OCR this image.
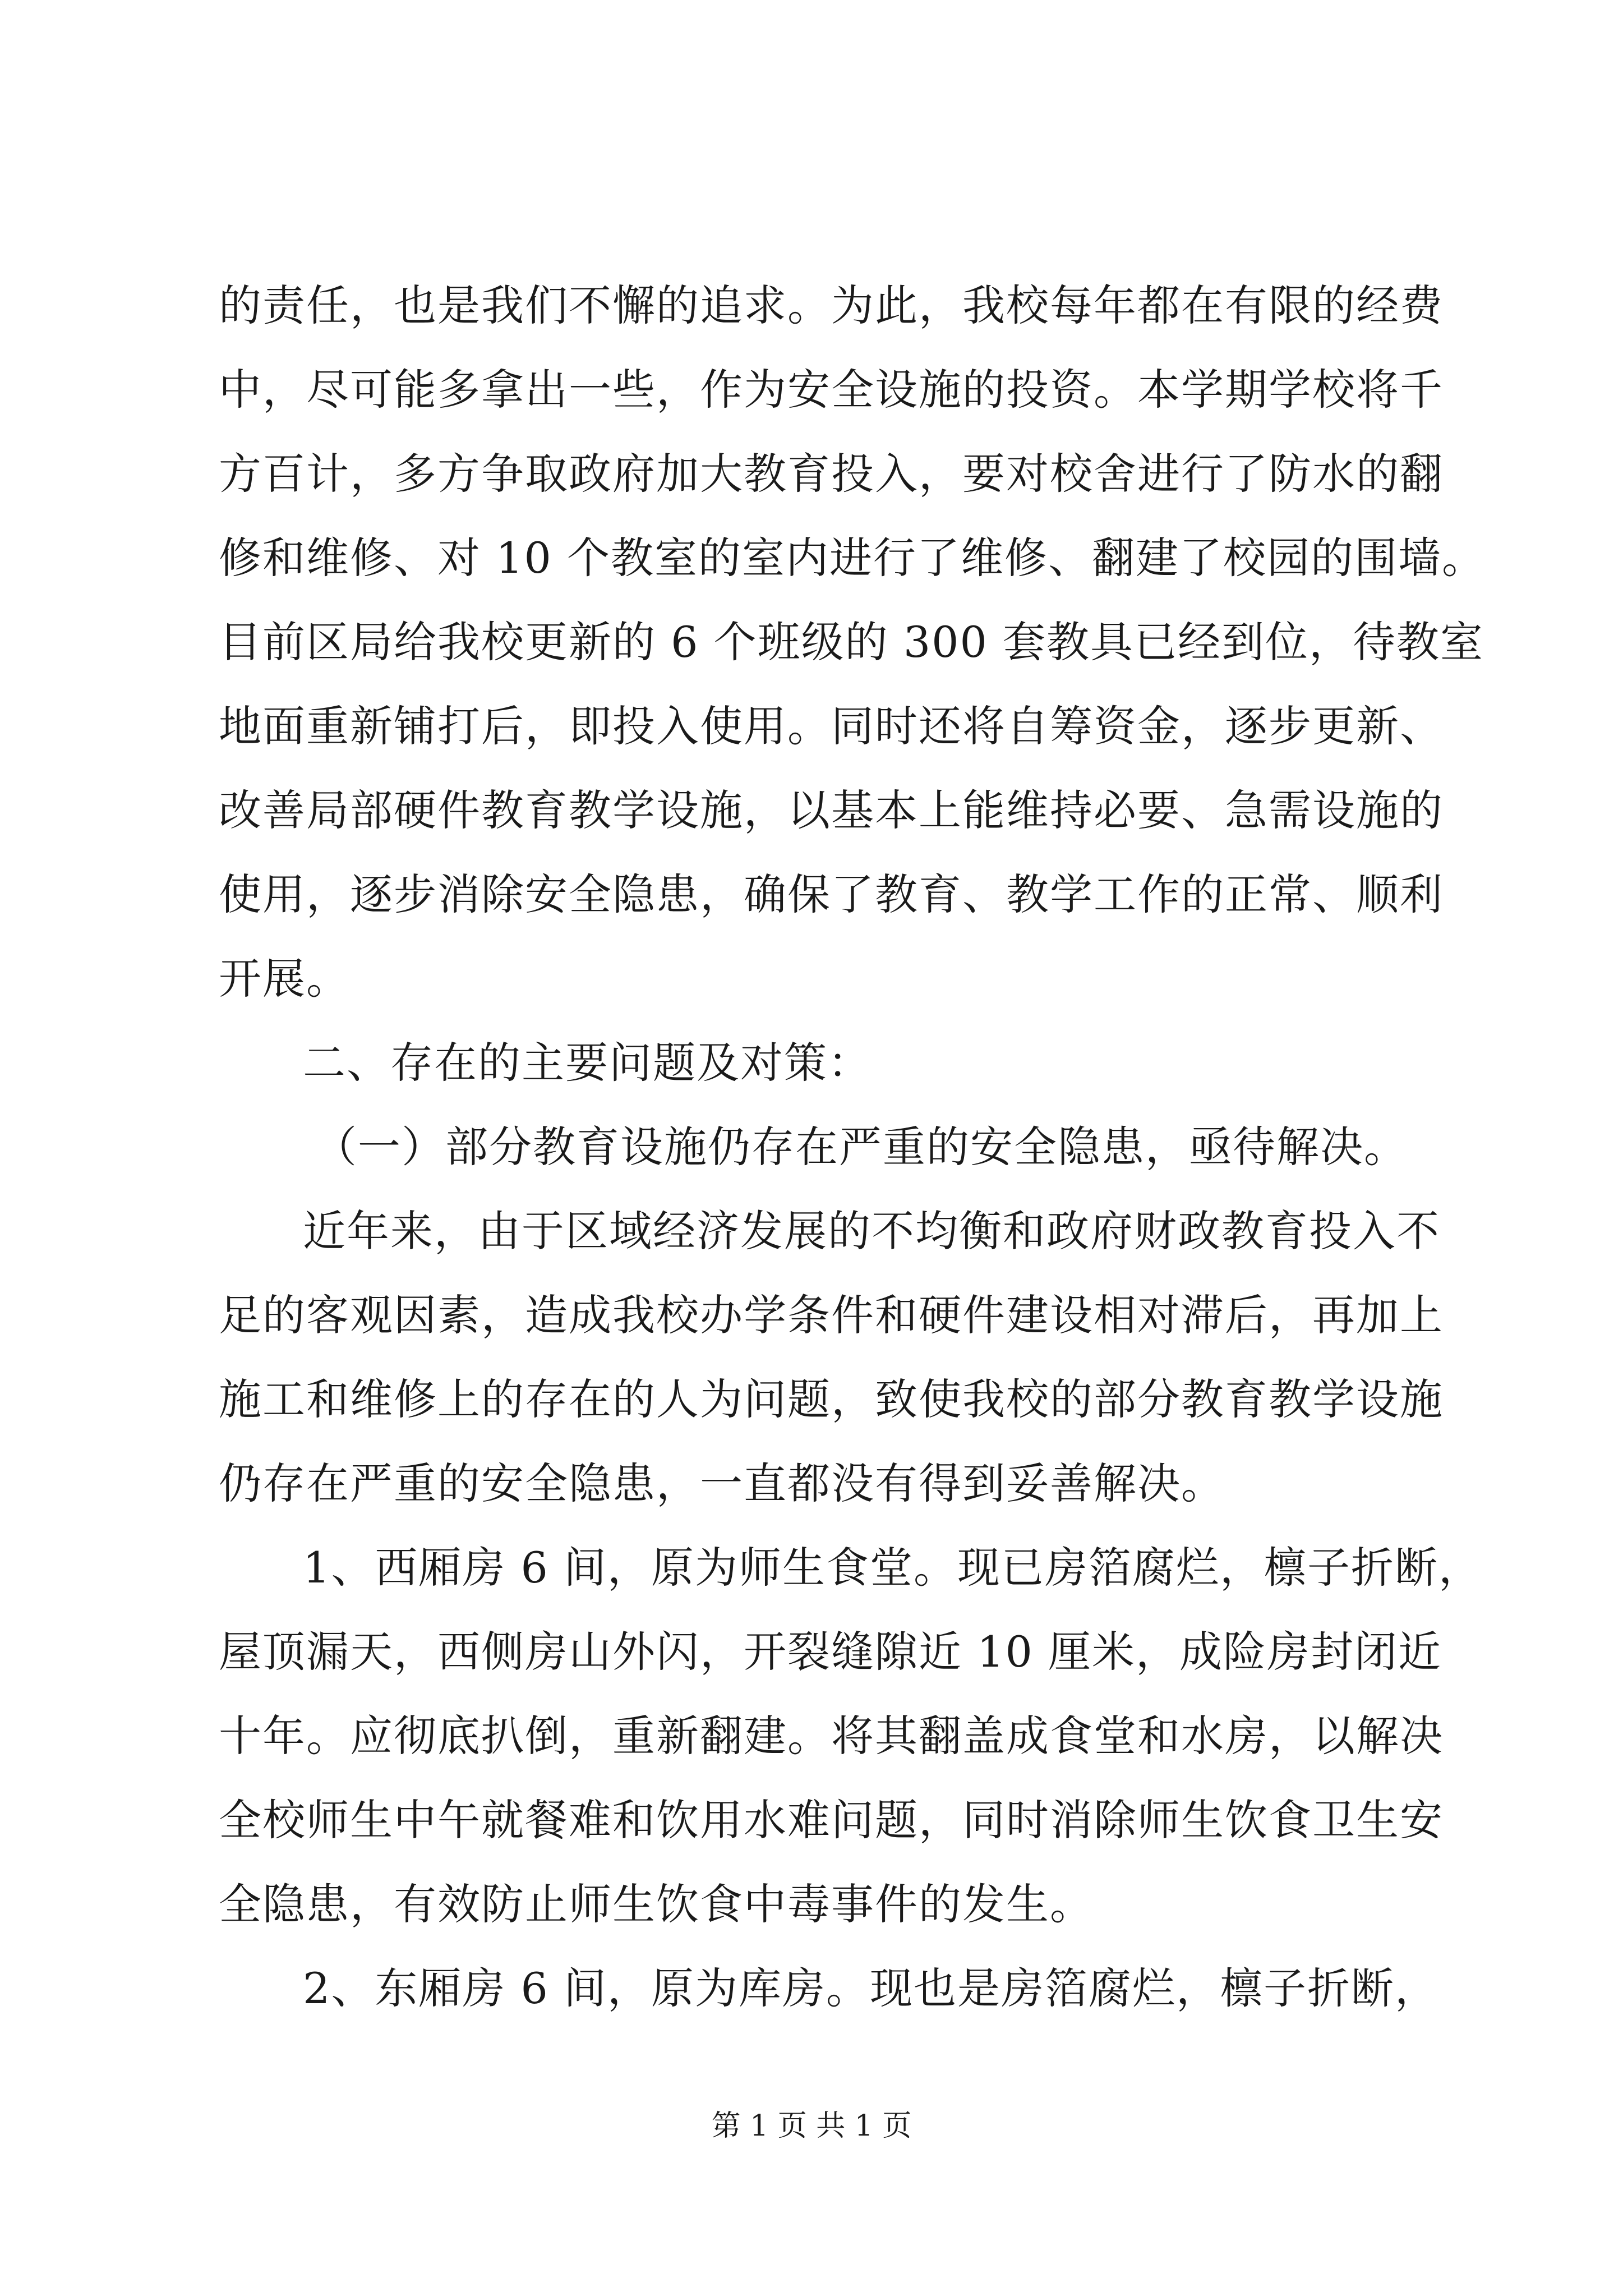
的责任，也是我们不懈的追求。为此，我校每年都在有限的经费
中，尽可能多拿出一些，作为安全设施的投资。本学期学校将千
方百计，多方争取政府加大教育投入，要对校舍进行了防水的翻
修和维修、对 10 个教室的室内进行了维修、翻建了校园的围墙。
目前区局给我校更新的 6 个班级的 300 套教具已经到位，待教室
地面重新铺打后，即投入使用。同时还将自筹资金，逐步更新、
改善局部硬件教育教学设施，以基本上能维持必要、急需设施的
使用，逐步消除安全隐患，确保了教育、教学工作的正常、顺利
开展。
二、存在的主要问题及对策：
（一）部分教育设施仍存在严重的安全隐患，亟待解决。
近年来，由于区域经济发展的不均衡和政府财政教育投入不
足的客观因素，造成我校办学条件和硬件建设相对滞后，再加上
施工和维修上的存在的人为问题，致使我校的部分教育教学设施
仍存在严重的安全隐患，一直都没有得到妥善解决。
1、西厢房 6 间，原为师生食堂。现已房箔腐烂，檩子折断，
屋顶漏天，西侧房山外闪，开裂缝隙近 10 厘米，成险房封闭近
十年。应彻底扒倒，重新翻建。将其翻盖成食堂和水房，以解决
全校师生中午就餐难和饮用水难问题，同时消除师生饮食卫生安
全隐患，有效防止师生饮食中毒事件的发生。
2、东厢房 6 间，原为库房。现也是房箔腐烂，檩子折断，
第 1 页 共 1 页
